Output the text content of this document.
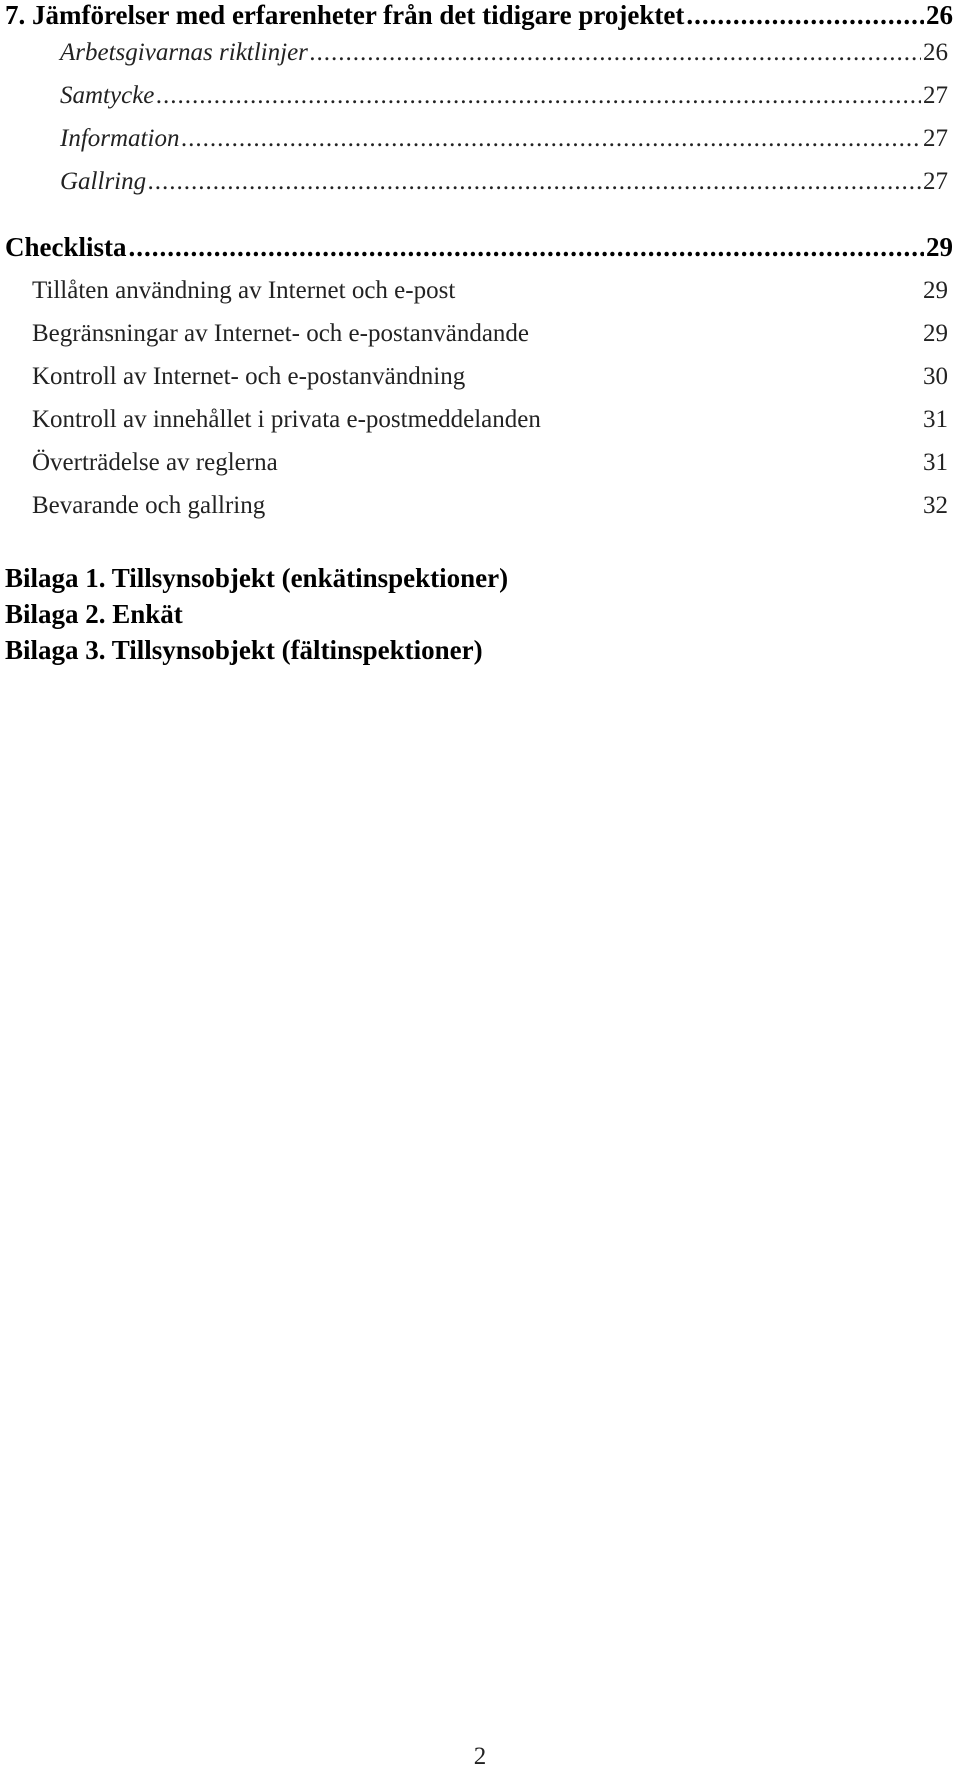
7. Jämförelser med erfarenheter från det tidigare projektet .....	26
Arbetsgivarnas riktlinjer .....	26
Samtycke .....	27
Information .....	27
Gallring .....	27
Checklista .....	29
Tillåten användning av Internet och e-post	29
Begränsningar av Internet- och e-postanvändande	29
Kontroll av Internet- och e-postanvändning	30
Kontroll av innehållet i privata e-postmeddelanden	31
Överträdelse av reglerna	31
Bevarande och gallring	32
Bilaga 1. Tillsynsobjekt (enkätinspektioner)
Bilaga 2. Enkät
Bilaga 3. Tillsynsobjekt (fältinspektioner)
2
